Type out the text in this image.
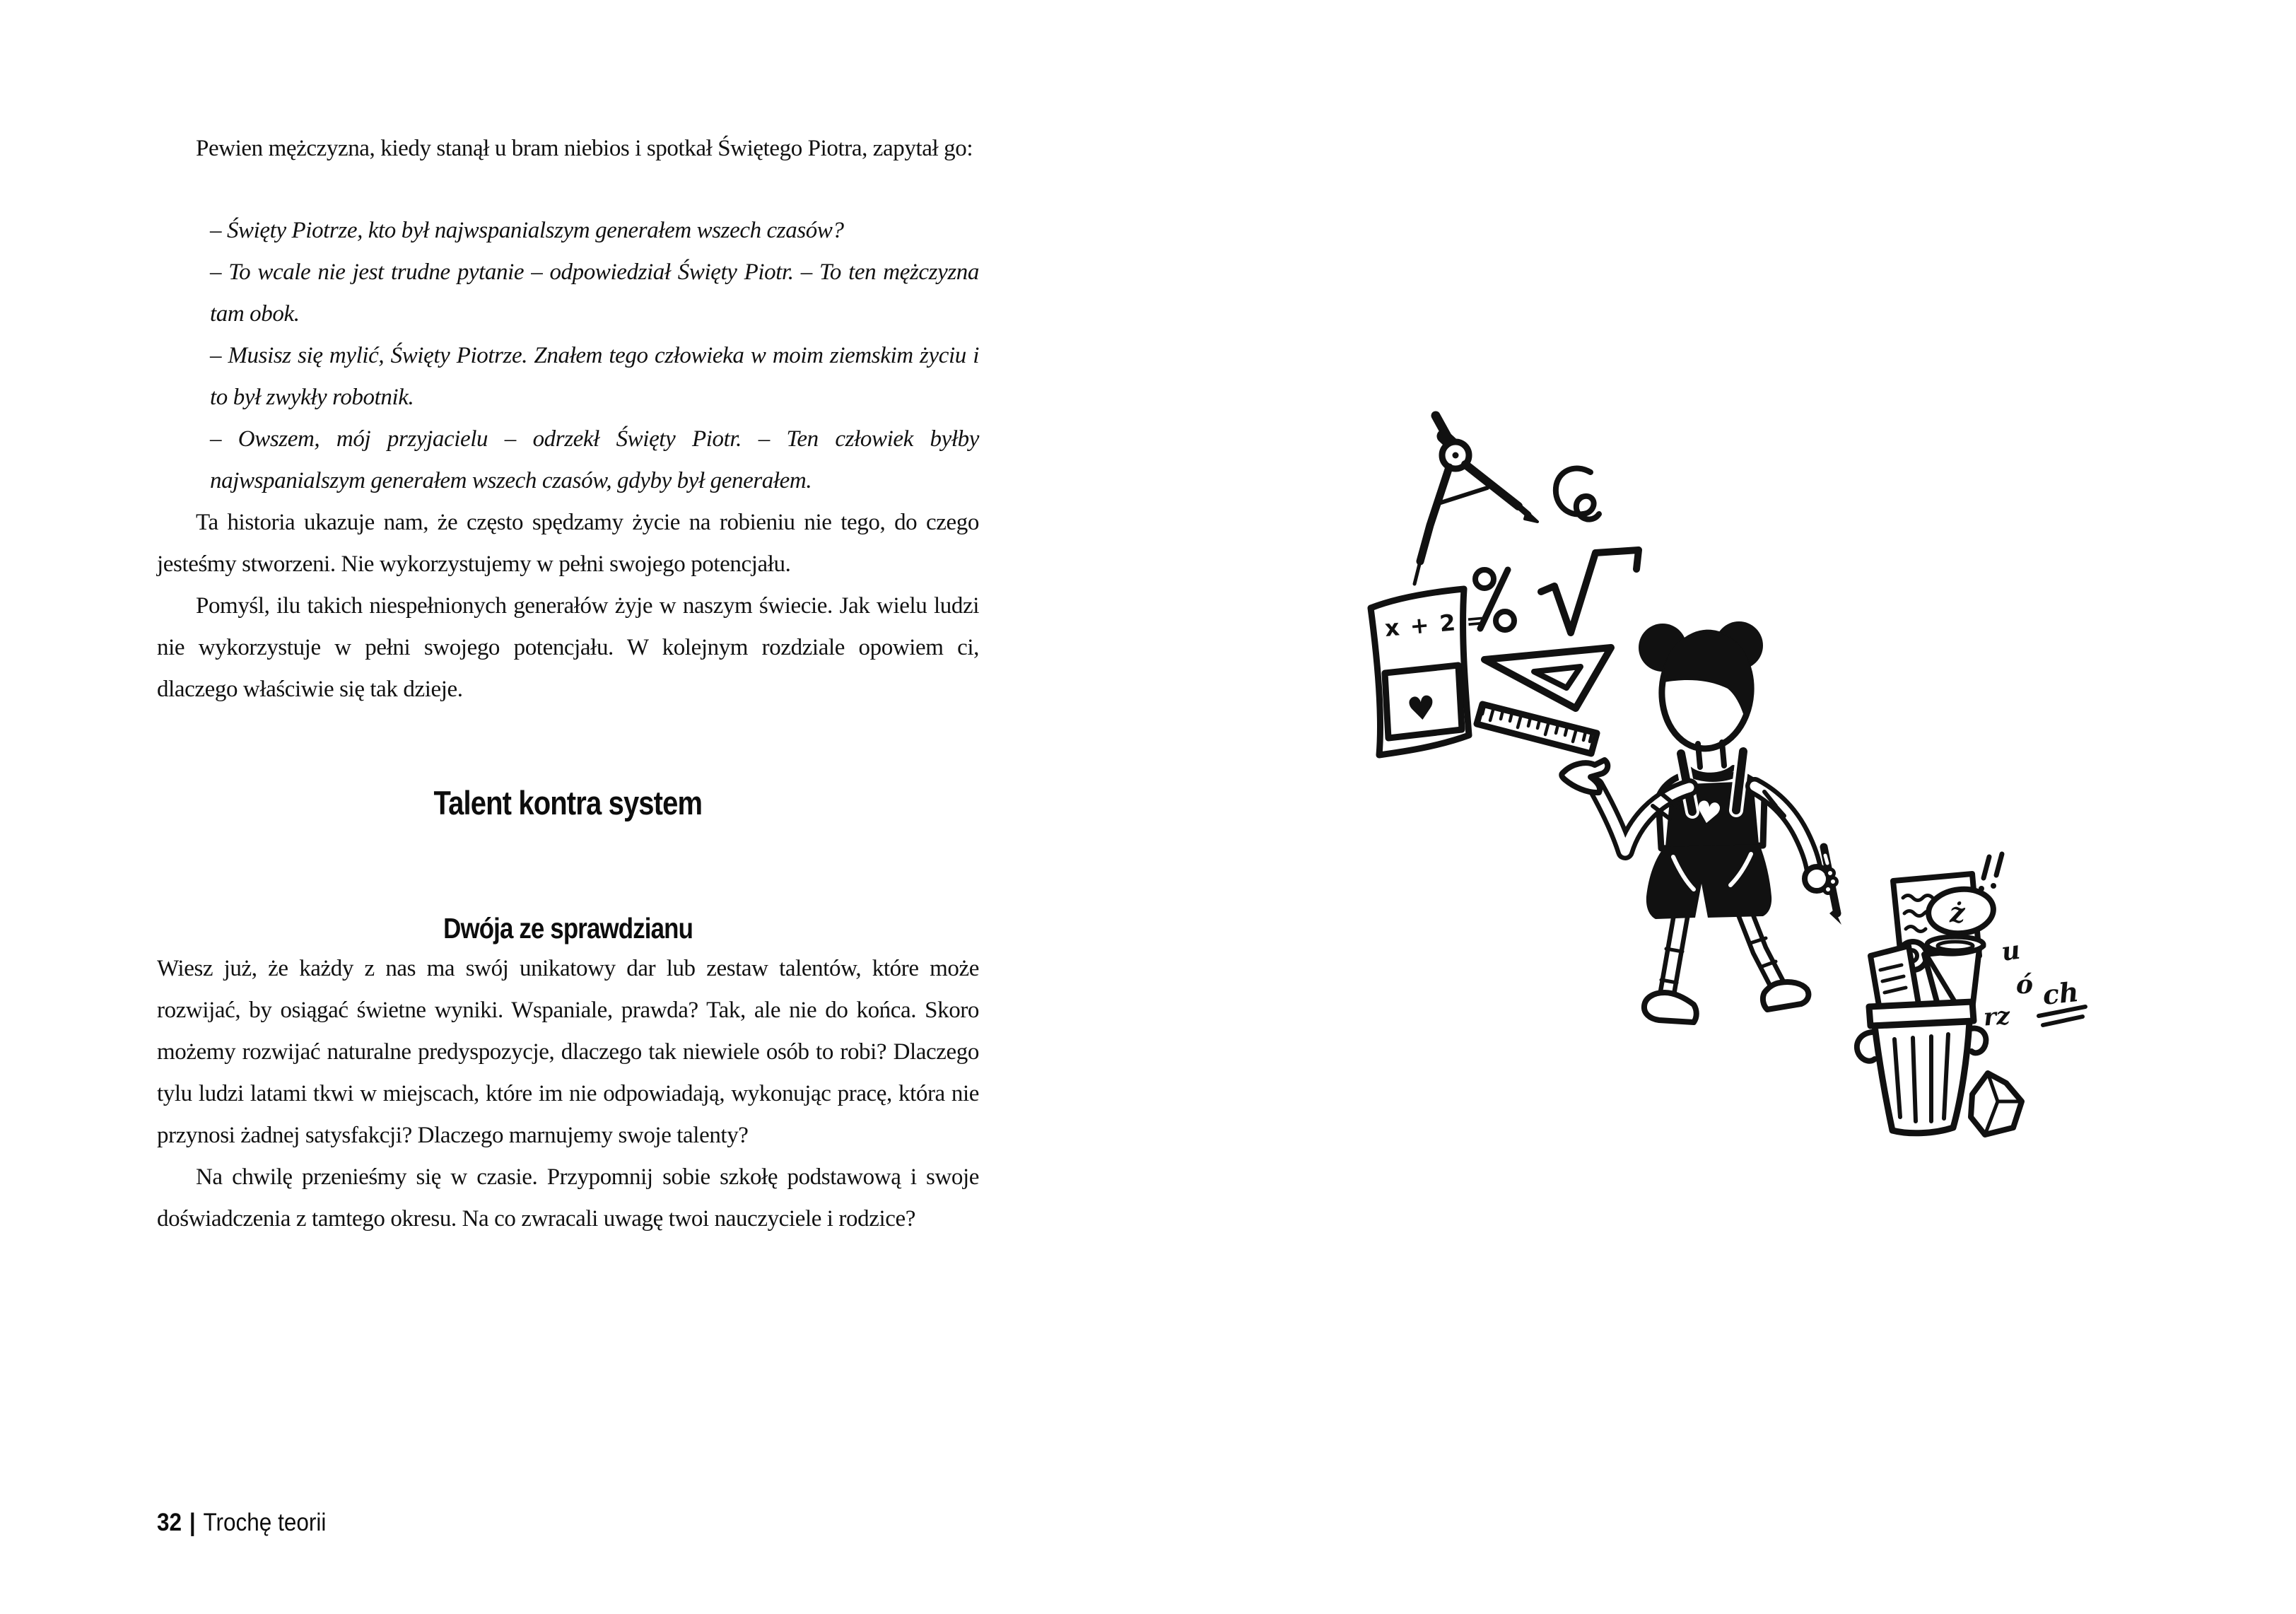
Pewien mężczyzna, kiedy stanął u bram niebios i spotkał Świętego Piotra, zapytał go:

– Święty Piotrze, kto był najwspanialszym generałem wszech czasów?

– To wcale nie jest trudne pytanie – odpowiedział Święty Piotr. – To ten mężczyzna tam obok.

– Musisz się mylić, Święty Piotrze. Znałem tego człowieka w moim ziemskim życiu i to był zwykły robotnik.

– Owszem, mój przyjacielu – odrzekł Święty Piotr. – Ten człowiek byłby najwspanialszym generałem wszech czasów, gdyby był generałem.

Ta historia ukazuje nam, że często spędzamy życie na robieniu nie tego, do czego jesteśmy stworzeni. Nie wykorzystujemy w pełni swojego potencjału.

Pomyśl, ilu takich niespełnionych generałów żyje w naszym świecie. Jak wielu ludzi nie wykorzystuje w pełni swojego potencjału. W kolejnym rozdziale opowiem ci, dlaczego właściwie się tak dzieje.

Talent kontra system
Dwója ze sprawdzianu

Wiesz już, że każdy z nas ma swój unikatowy dar lub zestaw talentów, które może rozwijać, by osiągać świetne wyniki. Wspaniale, prawda? Tak, ale nie do końca. Skoro możemy rozwijać naturalne predyspozycje, dlaczego tak niewiele osób to robi? Dlaczego tylu ludzi latami tkwi w miejscach, które im nie odpowiadają, wykonując pracę, która nie przynosi żadnej satysfakcji? Dlaczego marnujemy swoje talenty?

Na chwilę przenieśmy się w czasie. Przypomnij sobie szkołę podstawową i swoje doświadczenia z tamtego okresu. Na co zwracali uwagę twoi nauczyciele i rodzice?

32 | Trochę teorii
x + 2 =
♥
♥
ż
u
ó ch
rz
